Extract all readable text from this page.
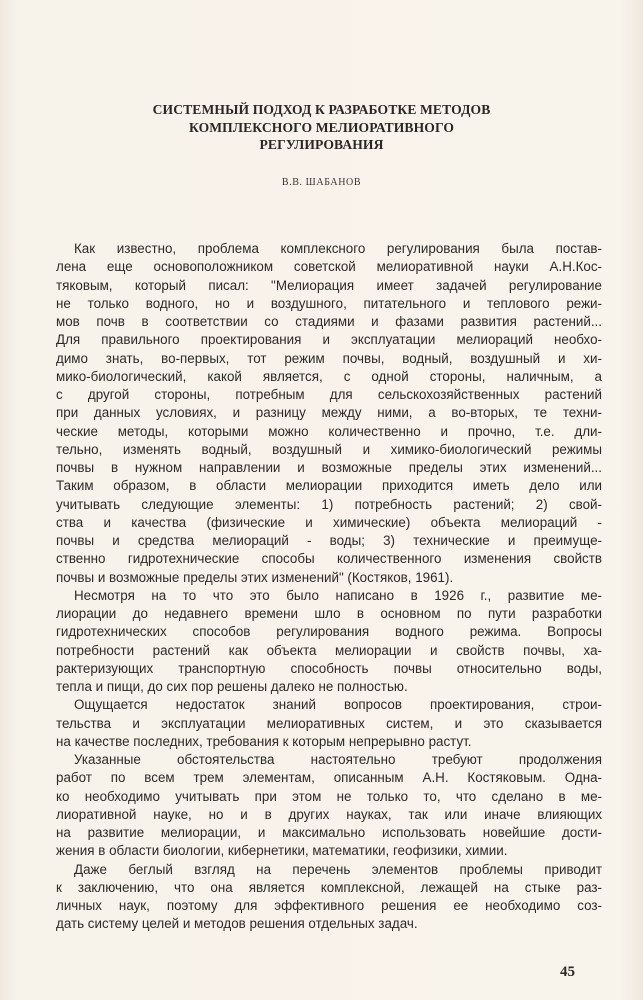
СИСТЕМНЫЙ ПОДХОД К РАЗРАБОТКЕ МЕТОДОВ
КОМПЛЕКСНОГО МЕЛИОРАТИВНОГО
РЕГУЛИРОВАНИЯ
В.В. ШАБАНОВ
Как известно, проблема комплексного регулирования была постав-
лена еще основоположником советской мелиоративной науки А.Н.Кос-
тяковым, который писал: "Мелиорация имеет задачей регулирование
не только водного, но и воздушного, питательного и теплового режи-
мов почв в соответствии со стадиями и фазами развития растений...
Для правильного проектирования и эксплуатации мелиораций необхо-
димо знать, во-первых, тот режим почвы, водный, воздушный и хи-
мико-биологический, какой является, с одной стороны, наличным, а
с другой стороны, потребным для сельскохозяйственных растений
при данных условиях, и разницу между ними, а во-вторых, те техни-
ческие методы, которыми можно количественно и прочно, т.е. дли-
тельно, изменять водный, воздушный и химико-биологический режимы
почвы в нужном направлении и возможные пределы этих изменений...
Таким образом, в области мелиорации приходится иметь дело или
учитывать следующие элементы: 1) потребность растений; 2) свой-
ства и качества (физические и химические) объекта мелиораций -
почвы и средства мелиораций - воды; 3) технические и преимуще-
ственно гидротехнические способы количественного изменения свойств
почвы и возможные пределы этих изменений" (Костяков, 1961).
Несмотря на то что это было написано в 1926 г., развитие ме-
лиорации до недавнего времени шло в основном по пути разработки
гидротехнических способов регулирования водного режима. Вопросы
потребности растений как объекта мелиорации и свойств почвы, ха-
рактеризующих транспортную способность почвы относительно воды,
тепла и пищи, до сих пор решены далеко не полностью.
Ощущается недостаток знаний вопросов проектирования, строи-
тельства и эксплуатации мелиоративных систем, и это сказывается
на качестве последних, требования к которым непрерывно растут.
Указанные обстоятельства настоятельно требуют продолжения
работ по всем трем элементам, описанным А.Н. Костяковым. Одна-
ко необходимо учитывать при этом не только то, что сделано в ме-
лиоративной науке, но и в других науках, так или иначе влияющих
на развитие мелиорации, и максимально использовать новейшие дости-
жения в области биологии, кибернетики, математики, геофизики, химии.
Даже беглый взгляд на перечень элементов проблемы приводит
к заключению, что она является комплексной, лежащей на стыке раз-
личных наук, поэтому для эффективного решения ее необходимо соз-
дать систему целей и методов решения отдельных задач.
45
